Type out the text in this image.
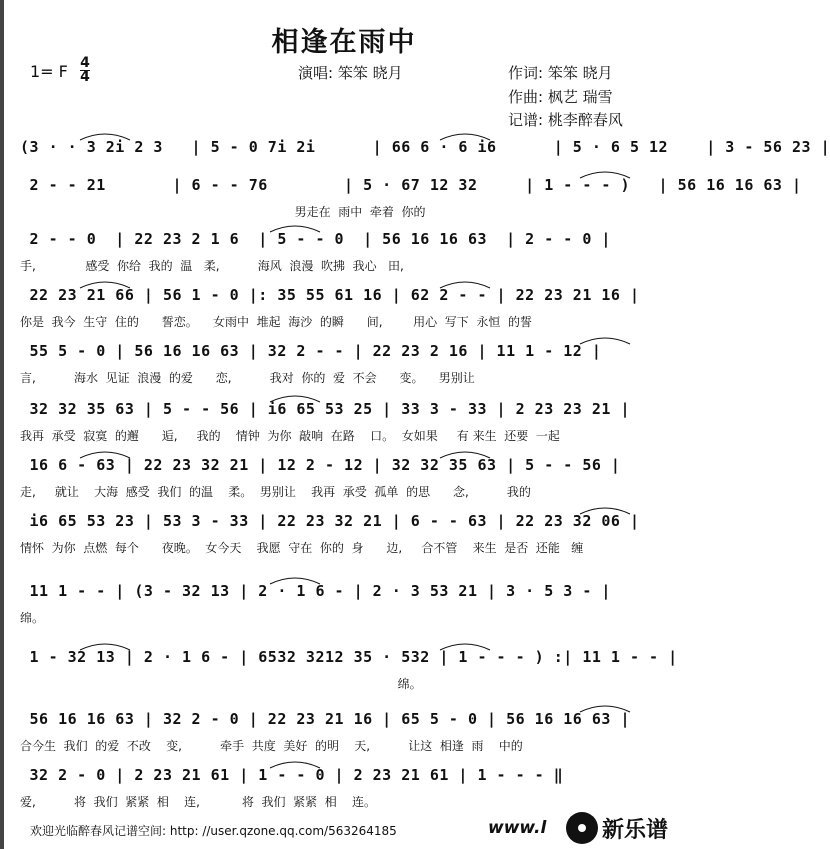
相逢在雨中
1= F 4
4	演唱: 笨笨 晓月	作词: 笨笨 晓月
作曲: 枫艺 瑞雪
记谱: 桃李醉春风
(3 · · 3 2i 2 3   | 5 - 0 7i 2i      | 66 6 · 6 i6      | 5 · 6 5 12    | 3 - 56 23 |
2 - - 21       | 6 - - 76        | 5 · 67 12 32     | 1 - - - )   | 56 16 16 63 |
男走在  雨中  牵着  你的
2 - - 0  | 22 23 2 1 6  | 5 - - 0  | 56 16 16 63  | 2 - - 0 |
手,             感受  你给  我的  温   柔,          海风  浪漫  吹拂  我心   田,
22 23 21 66 | 56 1 - 0 |: 35 55 61 16 | 62 2 - - | 22 23 21 16 |
你是  我今  生守  住的      誓恋。    女雨中  堆起  海沙  的瞬      间,        用心  写下  永恒  的誓
55 5 - 0 | 56 16 16 63 | 32 2 - - | 22 23 2 16 | 11 1 - 12 |
言,          海水  见证  浪漫  的爱      恋,          我对  你的  爱  不会      变。    男别让
32 32 35 63 | 5 - - 56 | i6 65 53 25 | 33 3 - 33 | 2 23 23 21 |
我再  承受  寂寞  的邂      逅,     我的    情钟  为你  敲响  在路    口。  女如果     有 来生  还要  一起
16 6 - 63 | 22 23 32 21 | 12 2 - 12 | 32 32 35 63 | 5 - - 56 |
走,     就让    大海  感受  我们  的温    柔。  男别让    我再  承受  孤单  的思      念,          我的
i6 65 53 23 | 53 3 - 33 | 22 23 32 21 | 6 - - 63 | 22 23 32 06 |
情怀  为你  点燃  每个      夜晚。  女今天    我愿  守在  你的  身      边,     合不管    来生  是否  还能   缠
11 1 - - | (3 - 32 13 | 2 · 1 6 - | 2 · 3 53 21 | 3 · 5 3 - |
绵。
1 - 32 13 | 2 · 1 6 - | 6532 3212 35 · 532 | 1 - - - ) :| 11 1 - - |
绵。
56 16 16 63 | 32 2 - 0 | 22 23 21 16 | 65 5 - 0 | 56 16 16 63 |
合今生  我们  的爱  不改    变,          牵手  共度  美好  的明    天,          让这  相逢  雨    中的
32 2 - 0 | 2 23 21 61 | 1 - - 0 | 2 23 21 61 | 1 - - - ‖
爱,          将  我们  紧紧  相    连,           将  我们  紧紧  相    连。
欢迎光临醉春风记谱空间: http: //user.qzone.qq.com/563264185	www.l	新乐谱
